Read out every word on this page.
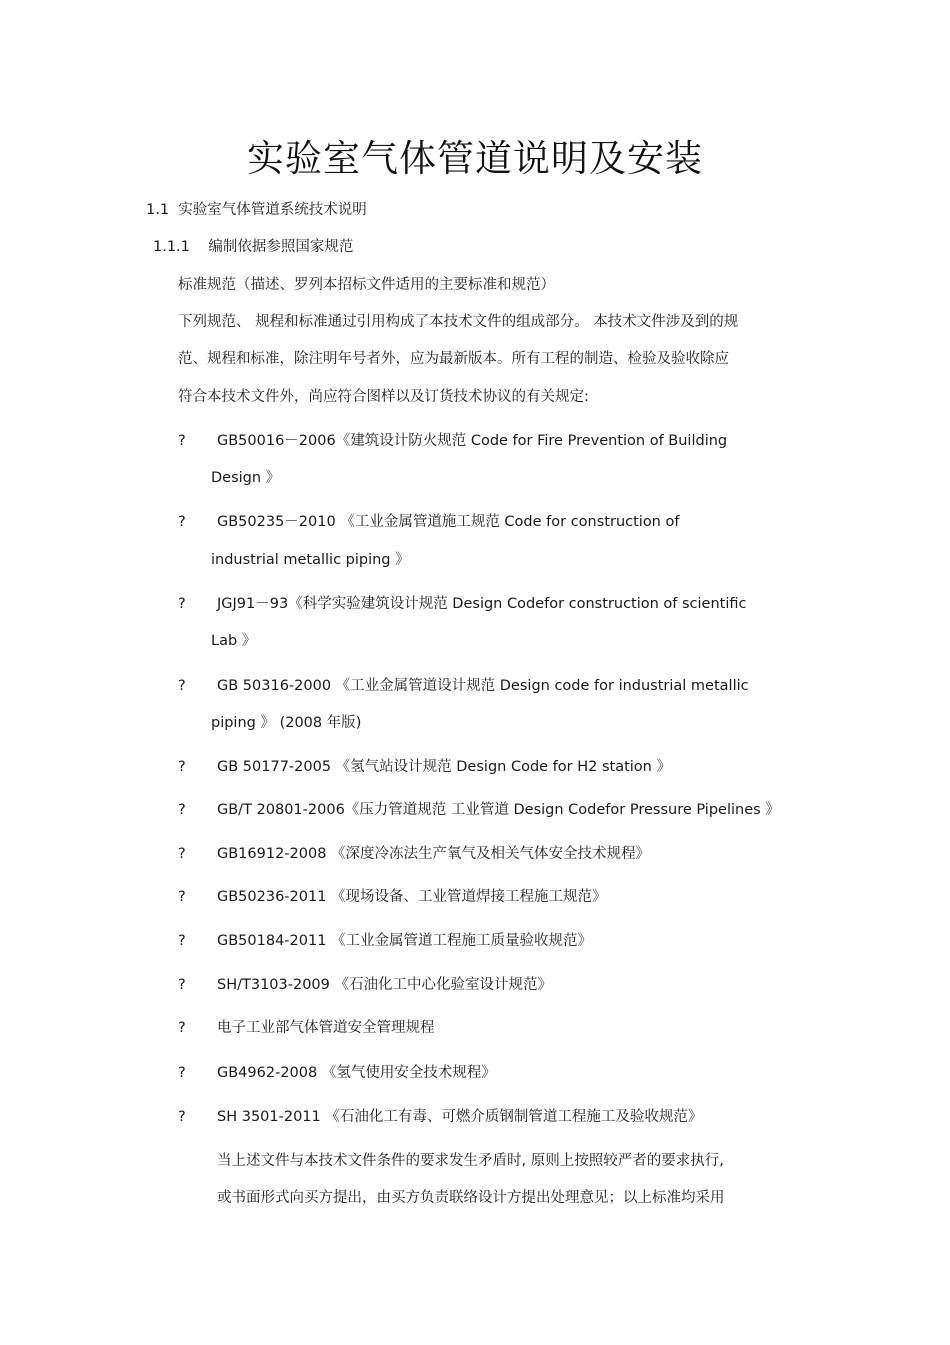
实验室气体管道说明及安装
1.1 实验室气体管道系统技术说明
1.1.1 编制依据参照国家规范
标准规范（描述、罗列本招标文件适用的主要标准和规范）
下列规范、 规程和标准通过引用构成了本技术文件的组成部分。 本技术文件涉及到的规
范、规程和标准，除注明年号者外，应为最新版本。所有工程的制造、检验及验收除应
符合本技术文件外，尚应符合图样以及订货技术协议的有关规定:
? GB50016－2006《建筑设计防火规范 Code for Fire Prevention of Building
Design 》
? GB50235－2010 《工业金属管道施工规范 Code for construction of
industrial metallic piping 》
? JGJ91－93《科学实验建筑设计规范 Design Codefor construction of scientific
Lab 》
? GB 50316-2000 《工业金属管道设计规范 Design code for industrial metallic
piping 》 (2008 年版)
? GB 50177-2005 《氢气站设计规范 Design Code for H2 station 》
? GB/T 20801-2006《压力管道规范 工业管道 Design Codefor Pressure Pipelines 》
? GB16912-2008 《深度冷冻法生产氧气及相关气体安全技术规程》
? GB50236-2011 《现场设备、工业管道焊接工程施工规范》
? GB50184-2011 《工业金属管道工程施工质量验收规范》
? SH/T3103-2009 《石油化工中心化验室设计规范》
? 电子工业部气体管道安全管理规程
? GB4962-2008 《氢气使用安全技术规程》
? SH 3501-2011 《石油化工有毒、可燃介质钢制管道工程施工及验收规范》
当上述文件与本技术文件条件的要求发生矛盾时, 原则上按照较严者的要求执行,
或书面形式向买方提出，由买方负责联络设计方提出处理意见；以上标准均采用
